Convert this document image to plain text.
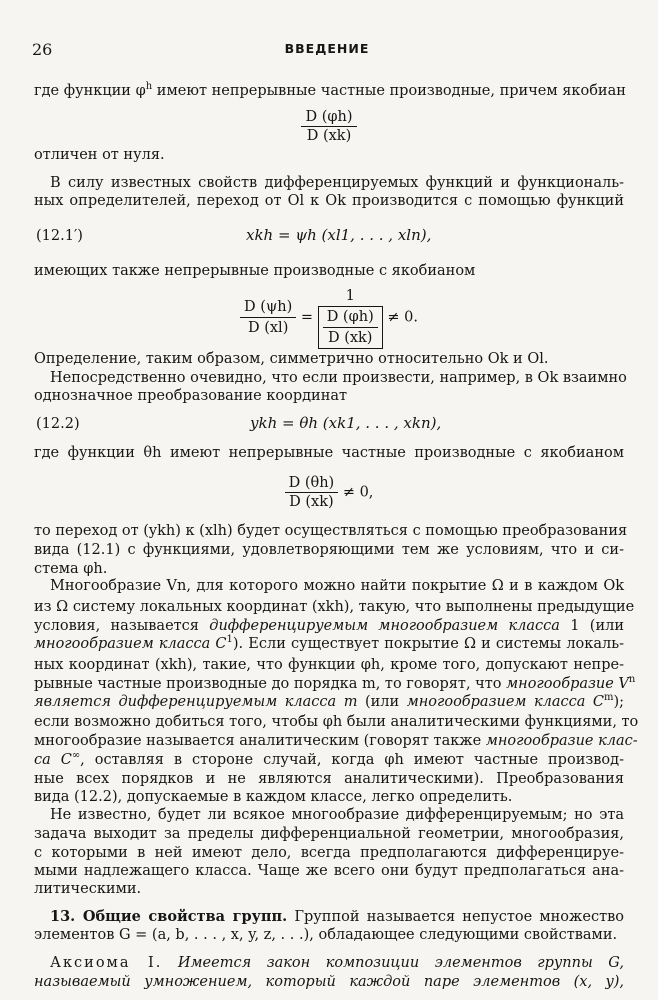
26	ВВЕДЕНИЕ
где функции $\varphi^h$ имеют непрерывные частные производные, причем якобиан
$\frac{D (\varphi h)}{D (xk)}$
отличен от нуля.
В силу известных свойств дифференцируемых функций и функциональ-
ных определителей, переход от Ol к Ok производится с помощью функций
(12.1′)	xkh = ψh (xl1, . . . , xln),
имеющих также непрерывные производные с якобианом
$\frac{D (\psi h)}{D (xl)} = \frac{1}{\frac{D (\varphi h)}{D (xk)}} \ne 0$.
Определение, таким образом, симметрично относительно Ok и Ol.
Непосредственно очевидно, что если произвести, например, в Ok взаимно
однозначное преобразование координат
(12.2)	ykh = θh (xk1, . . . , xkn),
где функции θh имеют непрерывные частные производные с якобианом
$\frac{D (\theta h)}{D (xk)} \ne 0$,
то переход от (ykh) к (xlh) будет осуществляться с помощью преобразования
вида (12.1) с функциями, удовлетворяющими тем же условиям, что и си-
стема φh.
Многообразие Vn, для которого можно найти покрытие Ω и в каждом Ok
из Ω систему локальных координат (xkh), такую, что выполнены предыдущие
условия, называется дифференцируемым многообразием класса 1 (или
многообразием класса $C^1$). Если существует покрытие Ω и системы локаль-
ных координат (xkh), такие, что функции φh, кроме того, допускают непре-
рывные частные производные до порядка m, то говорят, что многообразие $V^n$
является дифференцируемым класса m (или многообразием класса $C^m$);
если возможно добиться того, чтобы φh были аналитическими функциями, то
многообразие называется аналитическим (говорят также многообразие клас-
са C∞, оставляя в стороне случай, когда φh имеют частные производ-
ные всех порядков и не являются аналитическими). Преобразования
вида (12.2), допускаемые в каждом классе, легко определить.
Не известно, будет ли всякое многообразие дифференцируемым; но эта
задача выходит за пределы дифференциальной геометрии, многообразия,
с которыми в ней имеют дело, всегда предполагаются дифференцируе-
мыми надлежащего класса. Чаще же всего они будут предполагаться ана-
литическими.
13. Общие свойства групп. Группой называется непустое множество
элементов G = (a, b, . . . , x, y, z, . . .), обладающее следующими свойствами.
Аксиома I. Имеется закон композиции элементов группы G,
называемый умножением, который каждой паре элементов (x, y),
